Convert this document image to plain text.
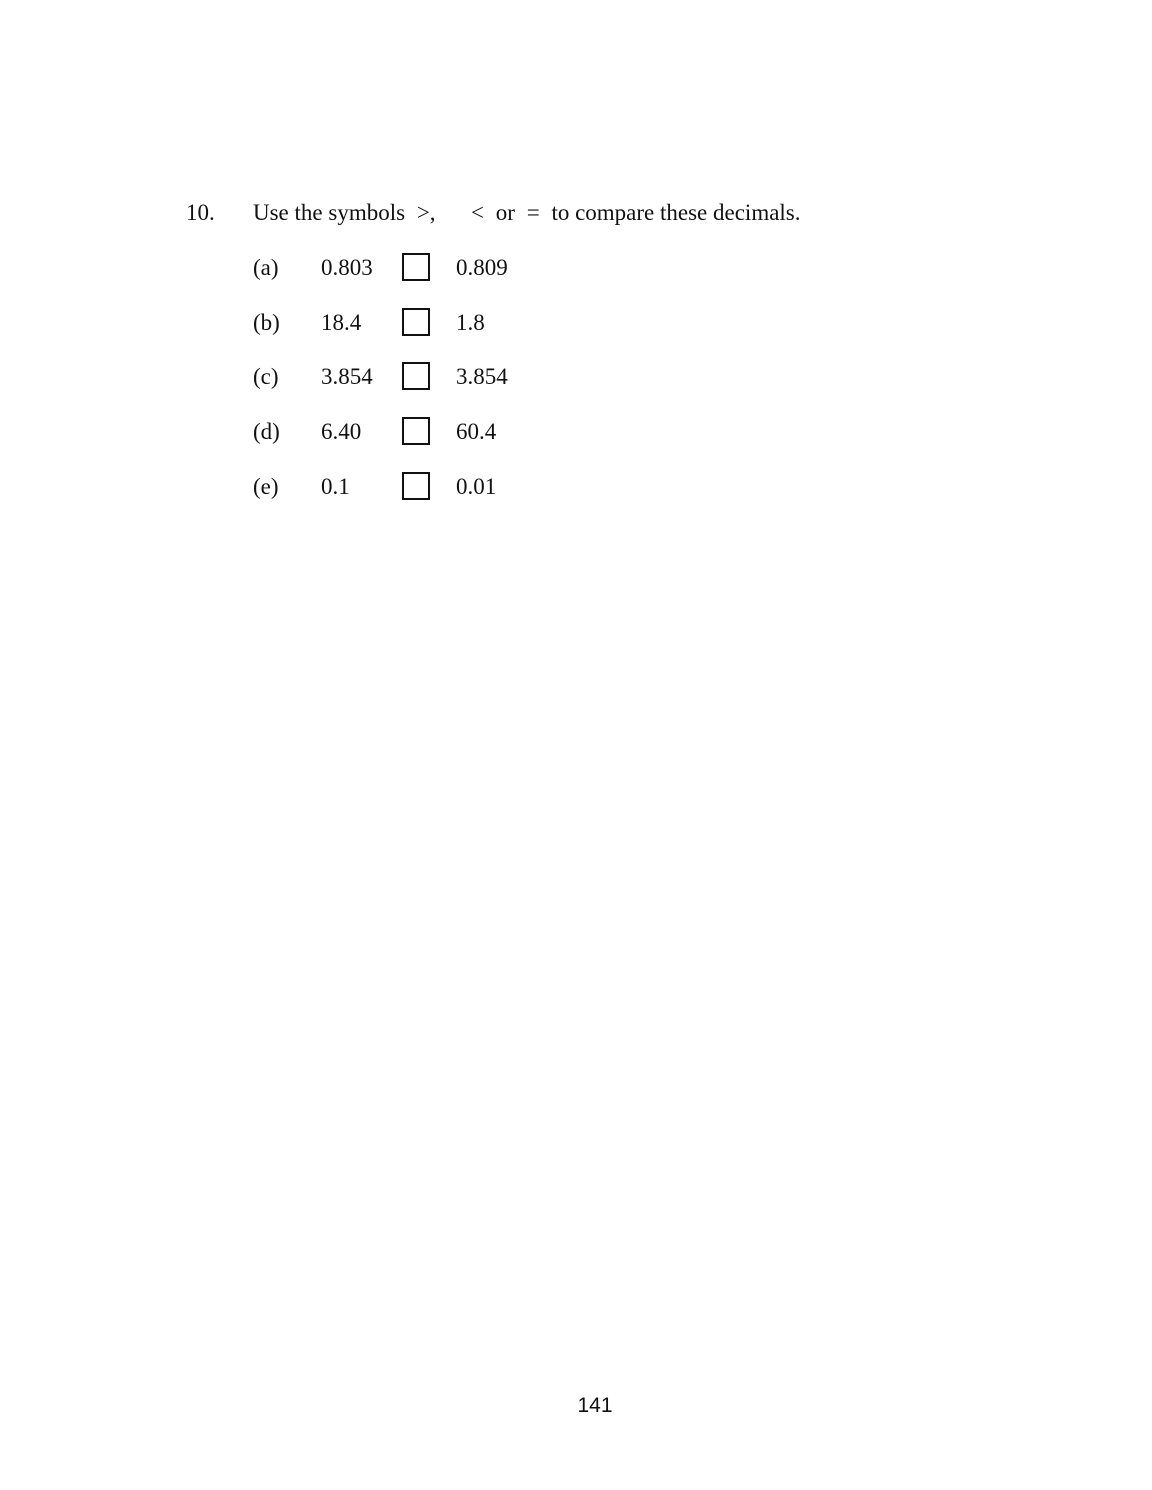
10. Use the symbols >, < or = to compare these decimals.
(a) 0.803	0.809
(b) 18.4	1.8
(c) 3.854	3.854
(d) 6.40	60.4
(e) 0.1	0.01
141
